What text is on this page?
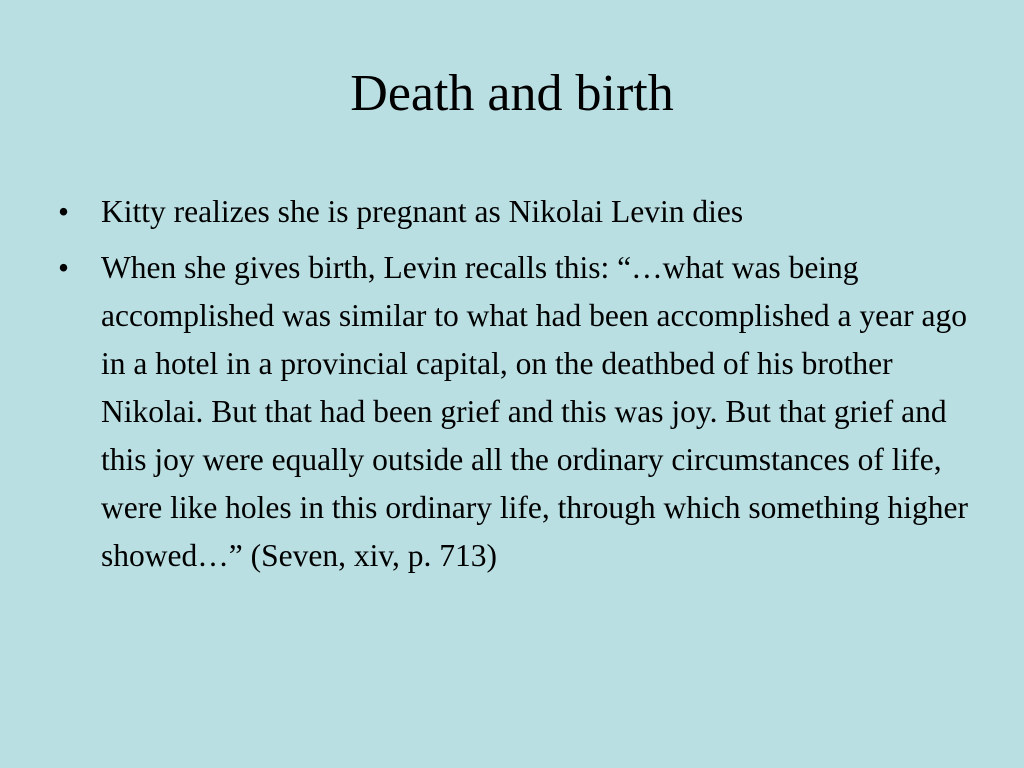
Death and birth
• Kitty realizes she is pregnant as Nikolai Levin dies
• When she gives birth, Levin recalls this: “…what was being accomplished was similar to what had been accomplished a year ago in a hotel in a provincial capital, on the deathbed of his brother Nikolai. But that had been grief and this was joy. But that grief and this joy were equally outside all the ordinary circumstances of life, were like holes in this ordinary life, through which something higher showed…” (Seven, xiv, p. 713)
